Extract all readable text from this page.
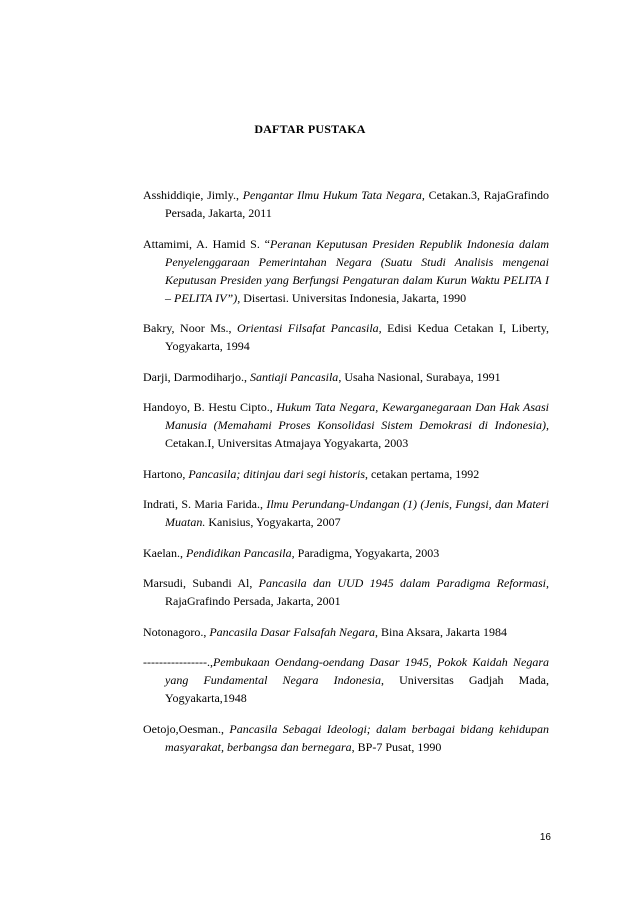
DAFTAR PUSTAKA

Asshiddiqie, Jimly., Pengantar Ilmu Hukum Tata Negara, Cetakan.3, RajaGrafindo Persada, Jakarta, 2011

Attamimi, A. Hamid S. “Peranan Keputusan Presiden Republik Indonesia dalam Penyelenggaraan Pemerintahan Negara (Suatu Studi Analisis mengenai Keputusan Presiden yang Berfungsi Pengaturan dalam Kurun Waktu PELITA I – PELITA IV”), Disertasi. Universitas Indonesia, Jakarta, 1990

Bakry, Noor Ms., Orientasi Filsafat Pancasila, Edisi Kedua Cetakan I, Liberty, Yogyakarta, 1994

Darji, Darmodiharjo., Santiaji Pancasila, Usaha Nasional, Surabaya, 1991

Handoyo, B. Hestu Cipto., Hukum Tata Negara, Kewarganegaraan Dan Hak Asasi Manusia (Memahami Proses Konsolidasi Sistem Demokrasi di Indonesia), Cetakan.I, Universitas Atmajaya Yogyakarta, 2003

Hartono, Pancasila; ditinjau dari segi historis, cetakan pertama, 1992

Indrati, S. Maria Farida., Ilmu Perundang-Undangan (1) (Jenis, Fungsi, dan Materi Muatan. Kanisius, Yogyakarta, 2007

Kaelan., Pendidikan Pancasila, Paradigma, Yogyakarta, 2003

Marsudi, Subandi Al, Pancasila dan UUD 1945 dalam Paradigma Reformasi, RajaGrafindo Persada, Jakarta, 2001

Notonagoro., Pancasila Dasar Falsafah Negara, Bina Aksara, Jakarta 1984

----------------.,Pembukaan Oendang-oendang Dasar 1945, Pokok Kaidah Negara yang Fundamental Negara Indonesia, Universitas Gadjah Mada, Yogyakarta,1948

Oetojo,Oesman., Pancasila Sebagai Ideologi; dalam berbagai bidang kehidupan masyarakat, berbangsa dan bernegara, BP-7 Pusat, 1990

16
